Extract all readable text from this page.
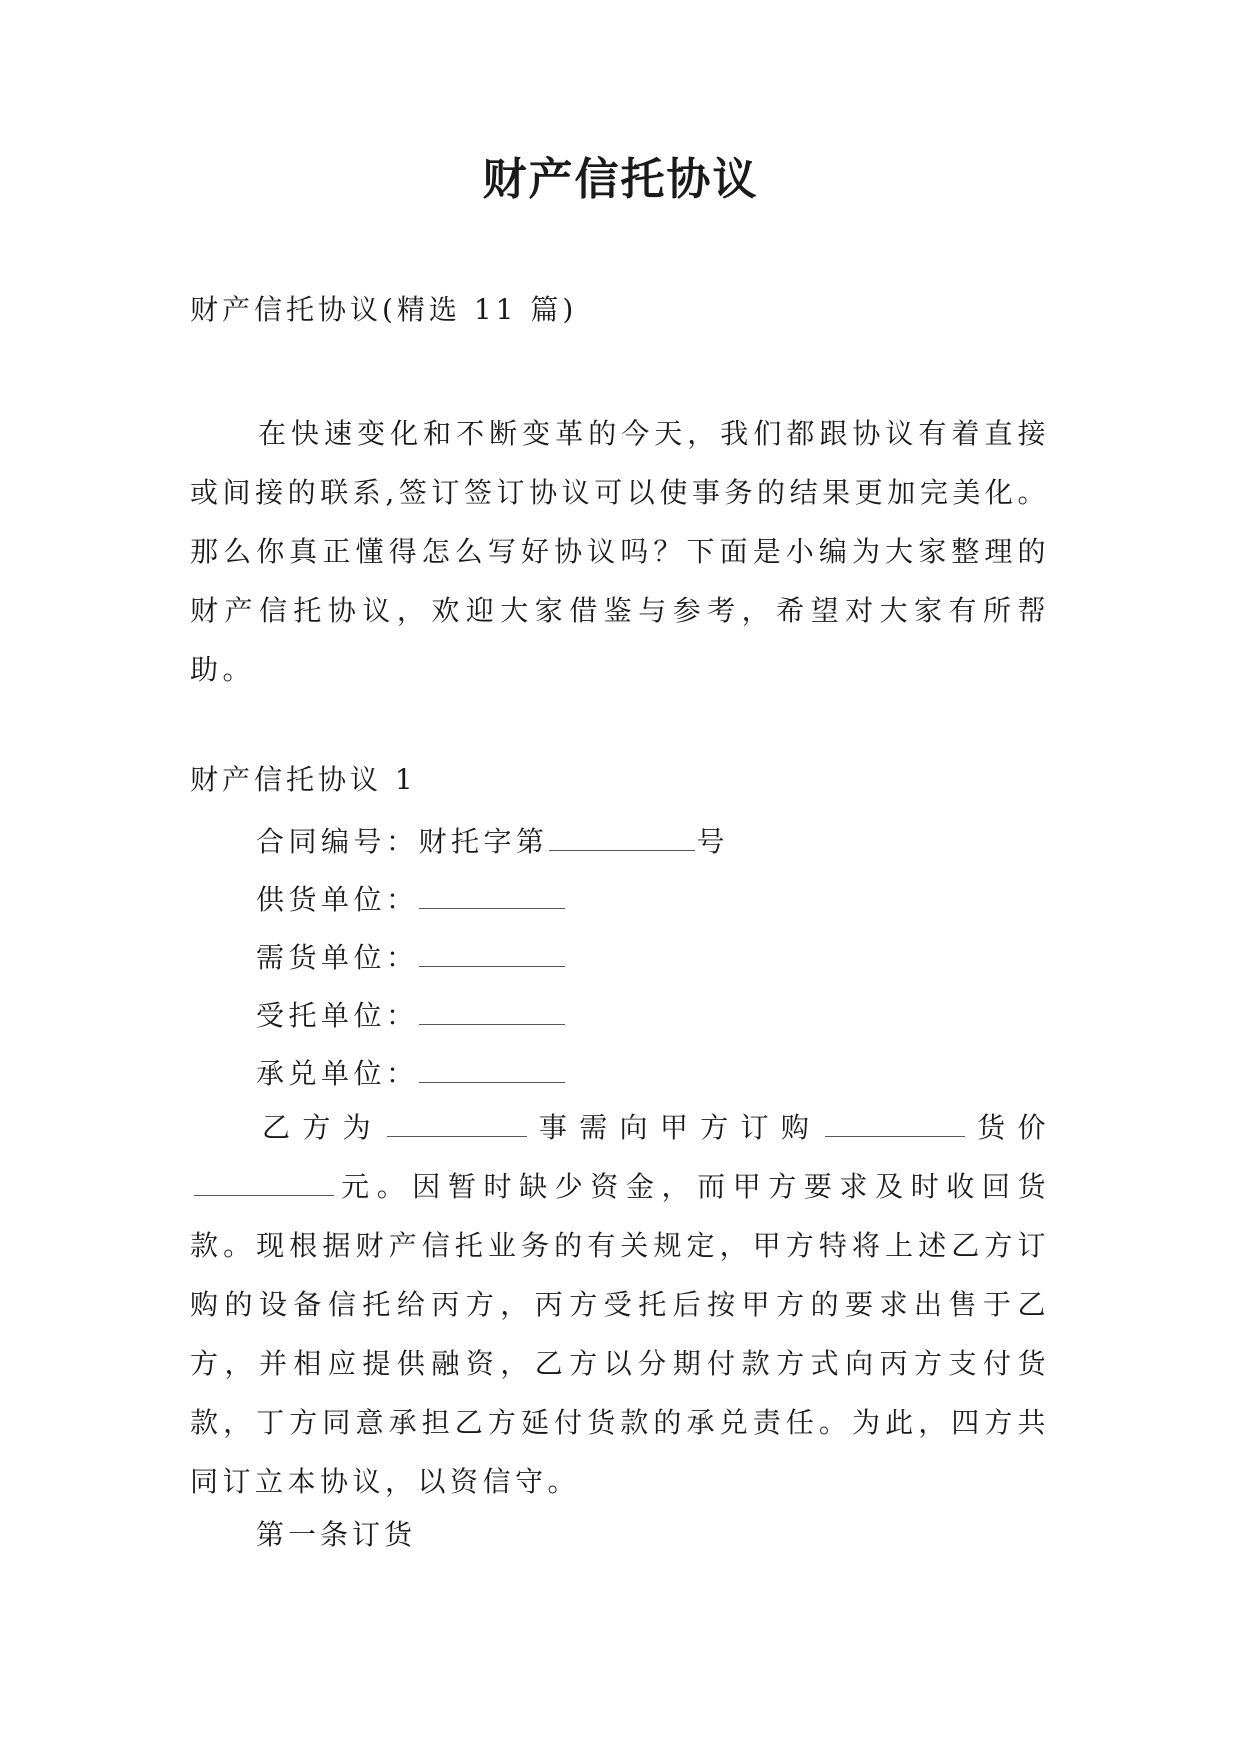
财产信托协议
财产信托协议(精选 11 篇)
在快速变化和不断变革的今天，我们都跟协议有着直接或间接的联系,签订签订协议可以使事务的结果更加完美化。那么你真正懂得怎么写好协议吗？下面是小编为大家整理的财产信托协议，欢迎大家借鉴与参考，希望对大家有所帮助。
财产信托协议 1
合同编号：财托字第	号
供货单位：
需货单位：
受托单位：
承兑单位：
乙方为	事需向甲方订购	货价元。因暂时缺少资金，而甲方要求及时收回货款。现根据财产信托业务的有关规定，甲方特将上述乙方订购的设备信托给丙方，丙方受托后按甲方的要求出售于乙方，并相应提供融资，乙方以分期付款方式向丙方支付货款，丁方同意承担乙方延付货款的承兑责任。为此，四方共同订立本协议，以资信守。
第一条订货
